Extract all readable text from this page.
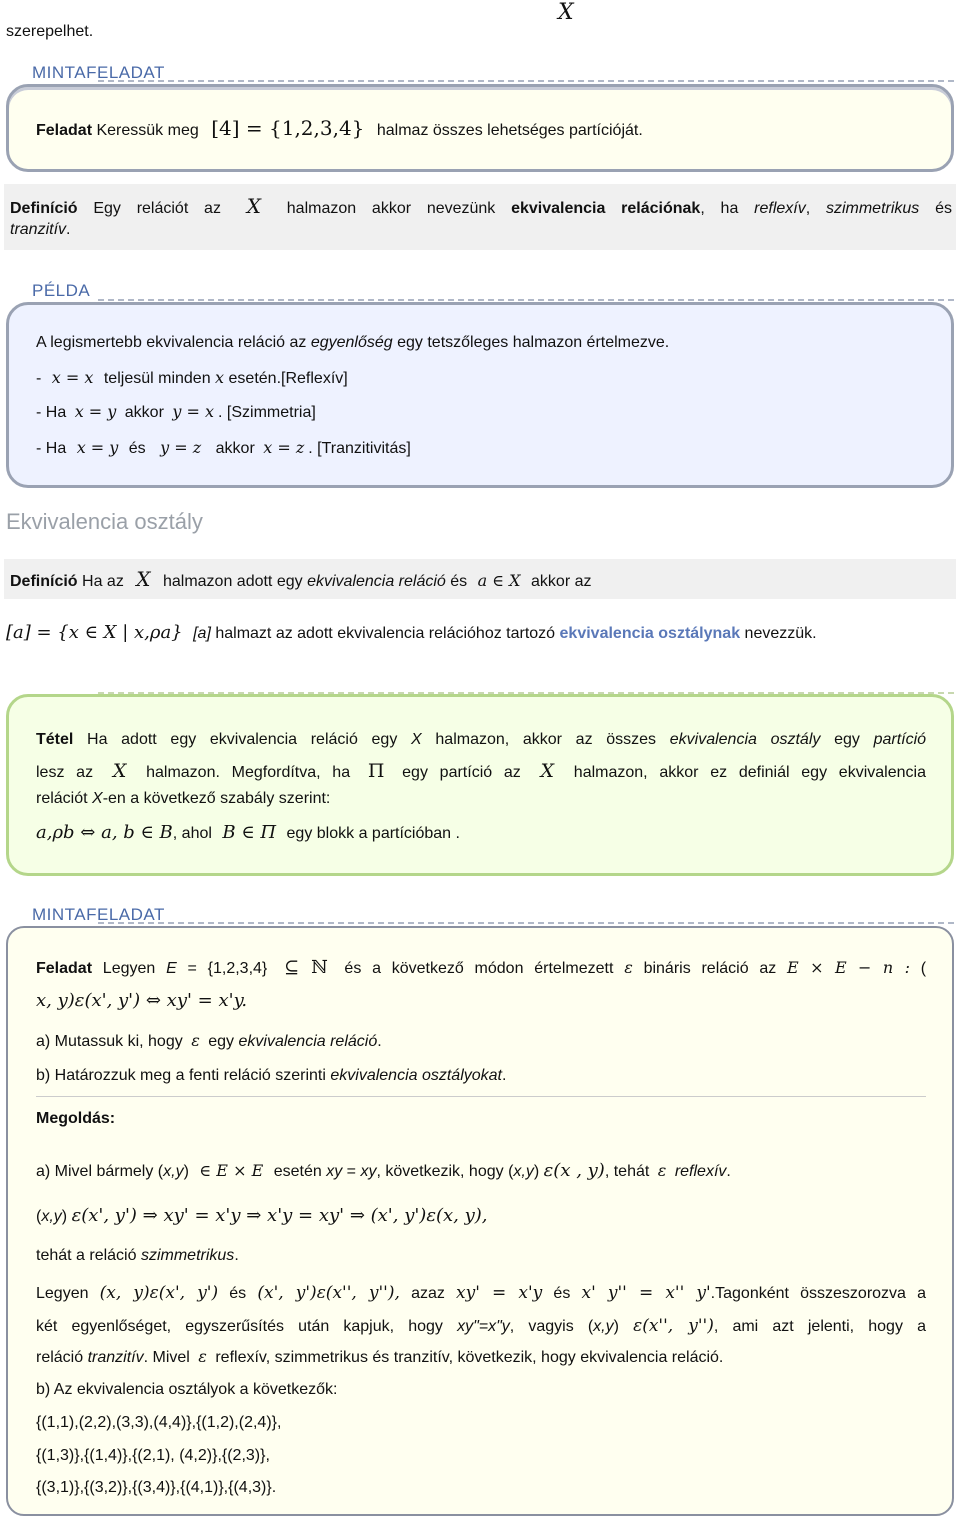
szerepelhet.
X
MINTAFELADAT
Feladat Keressük meg [4] = {1,2,3,4} halmaz összes lehetséges partícióját.
Definíció Egy relációt az X halmazon akkor nevezünk ekvivalencia relációnak, ha reflexív, szimmetrikus és
tranzitív.
PÉLDA
A legismertebb ekvivalencia reláció az egyenlőség egy tetszőleges halmazon értelmezve.
- x = x teljesül minden x esetén.[Reflexív]
- Ha x = y akkor y = x . [Szimmetria]
- Ha x = y és y = z akkor x = z . [Tranzitivitás]
Ekvivalencia osztály
Definíció Ha az X halmazon adott egy ekvivalencia reláció és a ∈ X akkor az
[a] = {x ∈ X | x,ρa} [a] halmazt az adott ekvivalencia relációhoz tartozó ekvivalencia osztálynak nevezzük.
Tétel Ha adott egy ekvivalencia reláció egy X halmazon, akkor az összes ekvivalencia osztály egy partíció
lesz az X halmazon. Megfordítva, ha Π egy partíció az X halmazon, akkor ez definiál egy ekvivalencia
relációt X-en a következő szabály szerint:
a,ρb ⇔ a, b ∈ B, ahol B ∈ Π egy blokk a partícióban .
MINTAFELADAT
Feladat Legyen E = {1,2,3,4} ⊆ ℕ és a következő módon értelmezett ε bináris reláció az E × E − n : (
x, y)ε(x', y') ⇔ xy' = x'y.
a) Mutassuk ki, hogy ε egy ekvivalencia reláció.
b) Határozzuk meg a fenti reláció szerinti ekvivalencia osztályokat.
Megoldás:
a) Mivel bármely (x,y) ∈ E × E esetén xy = xy, következik, hogy (x,y) ε(x , y), tehát ε reflexív.
(x,y) ε(x', y') ⇒ xy' = x'y ⇒ x'y = xy' ⇒ (x', y')ε(x, y),
tehát a reláció szimmetrikus.
Legyen (x, y)ε(x', y') és (x', y')ε(x'', y''), azaz xy' = x'y és x' y'' = x'' y'.Tagonként összeszorozva a
két egyenlőséget, egyszerűsítés után kapjuk, hogy xy"=x"y, vagyis (x,y) ε(x'', y''), ami azt jelenti, hogy a
reláció tranzitív. Mivel ε reflexív, szimmetrikus és tranzitív, következik, hogy ekvivalencia reláció.
b) Az ekvivalencia osztályok a következők:
{(1,1),(2,2),(3,3),(4,4)},{(1,2),(2,4)},
{(1,3)},{(1,4)},{(2,1), (4,2)},{(2,3)},
{(3,1)},{(3,2)},{(3,4)},{(4,1)},{(4,3)}.
